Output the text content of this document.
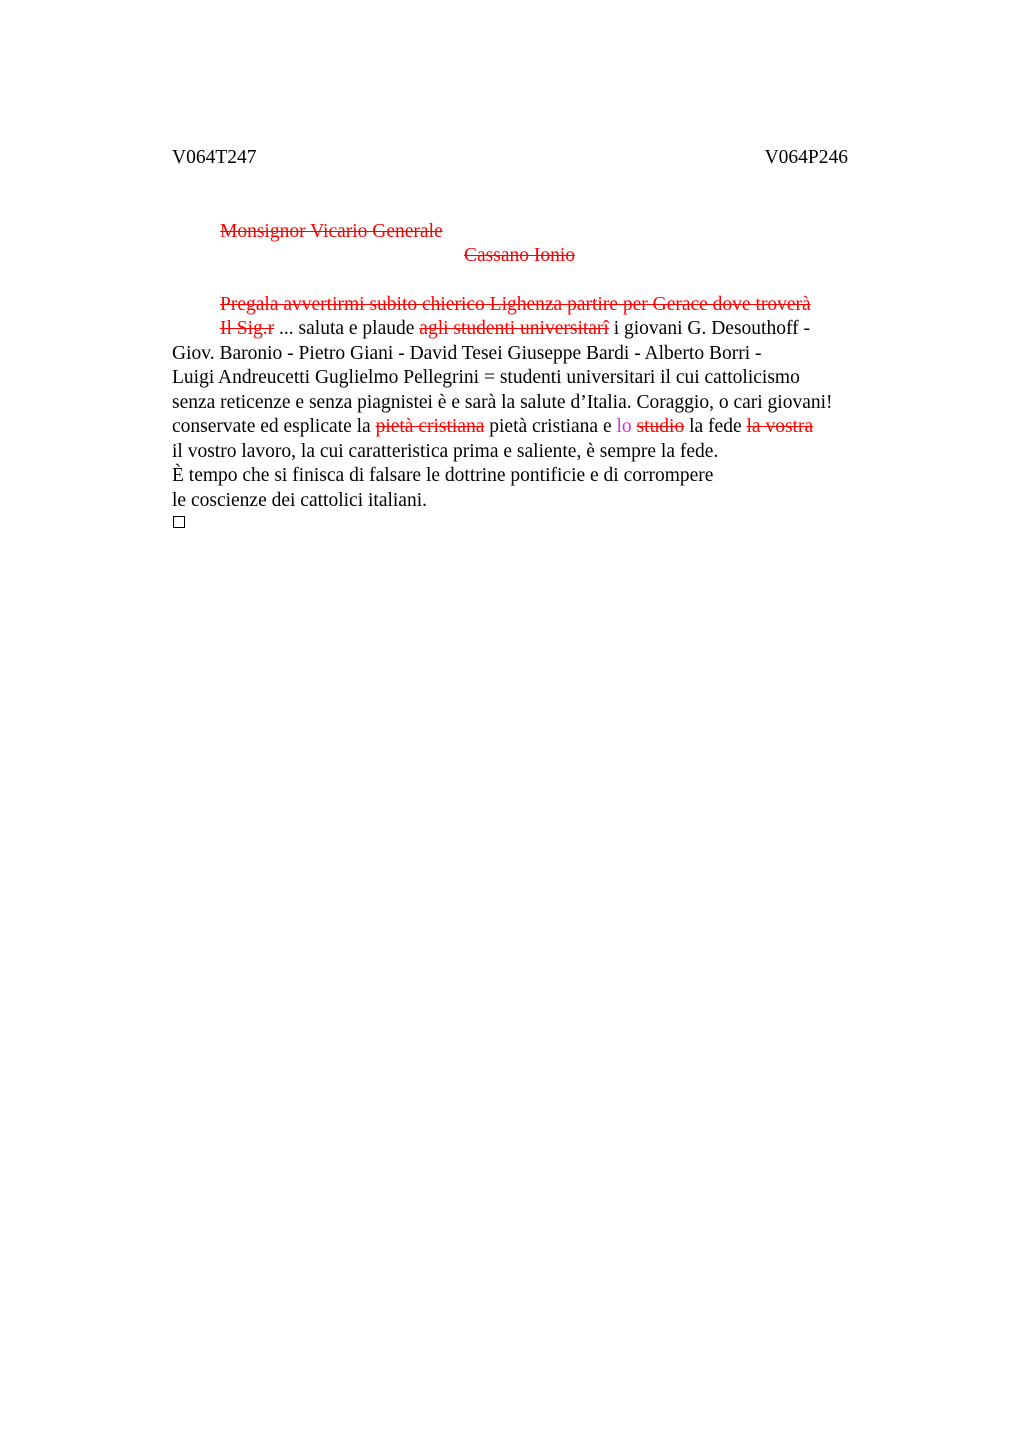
V064T247	V064P246
Monsignor Vicario Generale
Cassano Ionio
Pregala avvertirmi subito chierico Lighenza partire per Gerace dove troverà
Il Sig.r ... saluta e plaude agli studenti universitarî i giovani G. Desouthoff -
Giov. Baronio - Pietro Giani - David Tesei Giuseppe Bardi - Alberto Borri -
Luigi Andreucetti Guglielmo Pellegrini = studenti universitari il cui cattolicismo
senza reticenze e senza piagnistei è e sarà la salute d’Italia. Coraggio, o cari giovani!
conservate ed esplicate la pietà cristiana pietà cristiana e lo studio la fede la vostra
il vostro lavoro, la cui caratteristica prima e saliente, è sempre la fede.
È tempo che si finisca di falsare le dottrine pontificie e di corrompere
le coscienze dei cattolici italiani.
